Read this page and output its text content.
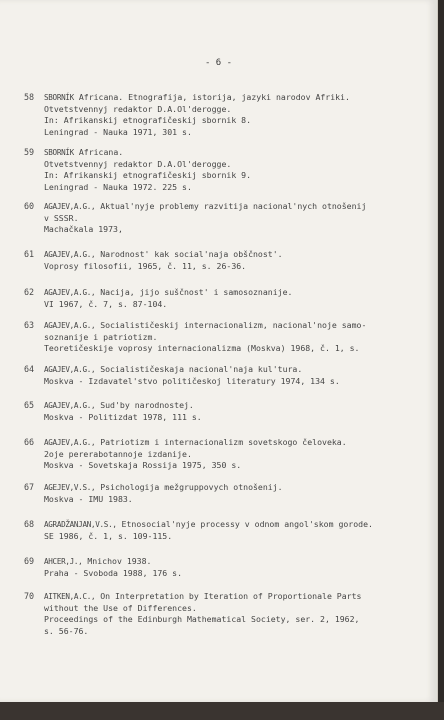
- 6 -
58 SBORNÍK Africana. Etnografija, istorija, jazyki narodov Afriki.
Otvetstvennyj redaktor D.A.Ol'derogge.
In: Afrikanskij etnografičeskij sbornik 8.
Leningrad - Nauka 1971, 301 s.
59 SBORNÍK Africana.
Otvetstvennyj redaktor D.A.Ol'derogge.
In: Afrikanskij etnografičeskij sbornik 9.
Leningrad - Nauka 1972. 225 s.
60 AGAJEV,A.G., Aktual'nyje problemy razvitija nacional'nych otnošenij
v SSSR.
Machačkala 1973,
61 AGAJEV,A.G., Narodnost' kak social'naja obščnost'.
Voprosy filosofii, 1965, č. 11, s. 26-36.
62 AGAJEV,A.G., Nacija, jijo suščnost' i samosoznanije.
VI 1967, č. 7, s. 87-104.
63 AGAJEV,A.G., Socialističeskij internacionalizm, nacional'noje samo-
soznanije i patriotizm.
Teoretičeskije voprosy internacionalizma (Moskva) 1968, č. 1, s.
64 AGAJEV,A.G., Socialističeskaja nacional'naja kul'tura.
Moskva - Izdavatel'stvo političeskoj literatury 1974, 134 s.
65 AGAJEV,A.G., Sud'by narodnostej.
Moskva - Politizdat 1978, 111 s.
66 AGAJEV,A.G., Patriotizm i internacionalizm sovetskogo čeloveka.
2oje pererabotannoje izdanije.
Moskva - Sovetskaja Rossija 1975, 350 s.
67 AGEJEV,V.S., Psichologija mežgruppovych otnošenij.
Moskva - IMU 1983.
68 AGRADŽANJAN,V.S., Etnosocial'nyje processy v odnom angol'skom gorode.
SE 1986, č. 1, s. 109-115.
69 AHCER,J., Mnichov 1938.
Praha - Svoboda 1988, 176 s.
70 AITKEN,A.C., On Interpretation by Iteration of Proportionale Parts
without the Use of Differences.
Proceedings of the Edinburgh Mathematical Society, ser. 2, 1962,
s. 56-76.
